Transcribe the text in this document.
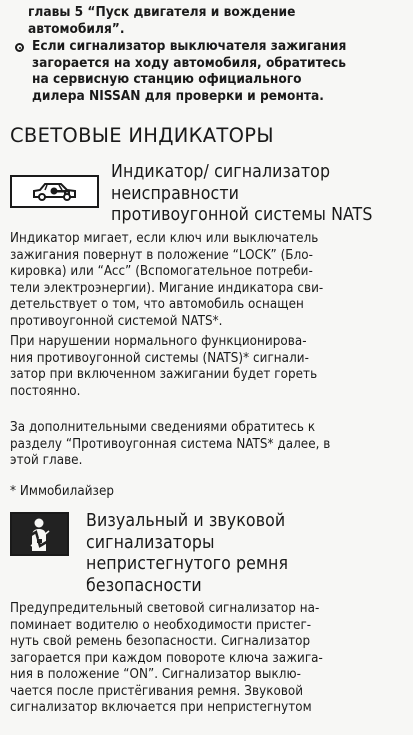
главы 5 “Пуск двигателя и вождение
автомобиля”.
Если сигнализатор выключателя зажигания
загорается на ходу автомобиля, обратитесь
на сервисную станцию официального
дилера NISSAN для проверки и ремонта.
СВЕТОВЫЕ ИНДИКАТОРЫ
Индикатор/ сигнализатор
неисправности
противоугонной системы NATS
Индикатор мигает, если ключ или выключатель
зажигания повернут в положение “LOCK” (Бло-
кировка) или “Acc” (Вспомогательное потреби-
тели электроэнергии). Мигание индикатора сви-
детельствует о том, что автомобиль оснащен
противоугонной системой NATS*.
При нарушении нормального функционирова-
ния противоугонной системы (NATS)* сигнали-
затор при включенном зажигании будет гореть
постоянно.
За дополнительными сведениями обратитесь к
разделу “Противоугонная система NATS* далее, в
этой главе.
* Иммобилайзер
Визуальный и звуковой
сигнализаторы
непристегнутого ремня
безопасности
Предупредительный световой сигнализатор на-
поминает водителю о необходимости пристег-
нуть свой ремень безопасности. Сигнализатор
загорается при каждом повороте ключа зажига-
ния в положение “ON”. Сигнализатор выклю-
чается после пристёгивания ремня. Звуковой
сигнализатор включается при непристегнутом
